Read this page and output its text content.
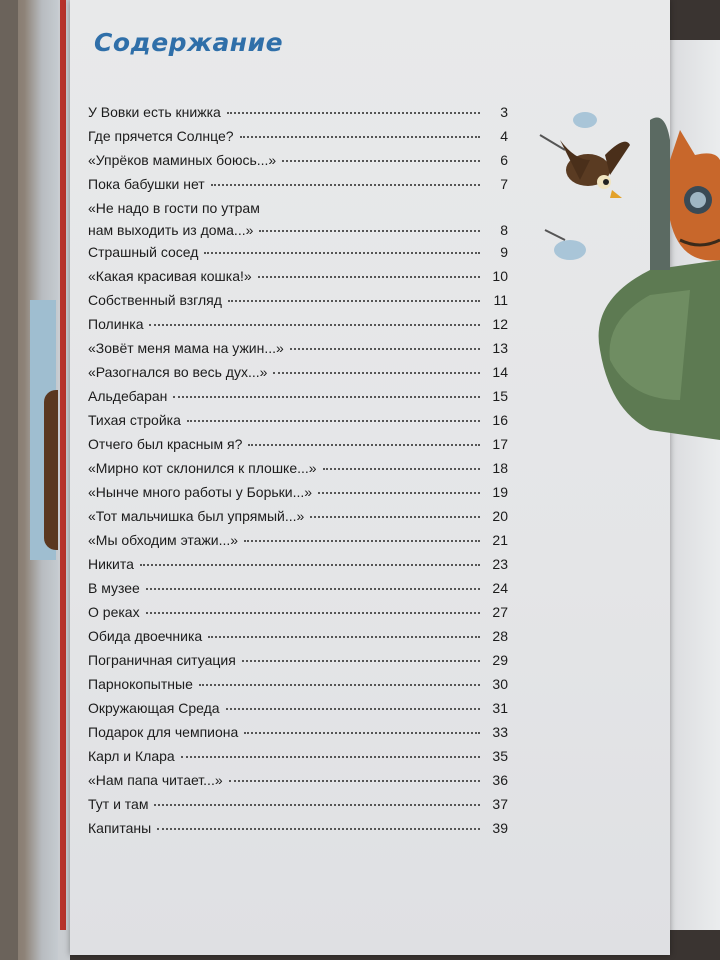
Содержание
У Вовки есть книжка	3
Где прячется Солнце?	4
«Упрёков маминых боюсь...»	6
Пока бабушки нет	7
«Не надо в гости по утрам
нам выходить из дома...»	8
Страшный сосед	9
«Какая красивая кошка!»	10
Собственный взгляд	11
Полинка	12
«Зовёт меня мама на ужин...»	13
«Разогнался во весь дух...»	14
Альдебаран	15
Тихая стройка	16
Отчего был красным я?	17
«Мирно кот склонился к плошке...»	18
«Нынче много работы у Борьки...»	19
«Тот мальчишка был упрямый...»	20
«Мы обходим этажи...»	21
Никита	23
В музее	24
О реках	27
Обида двоечника	28
Пограничная ситуация	29
Парнокопытные	30
Окружающая Среда	31
Подарок для чемпиона	33
Карл и Клара	35
«Нам папа читает...»	36
Тут и там	37
Капитаны	39
